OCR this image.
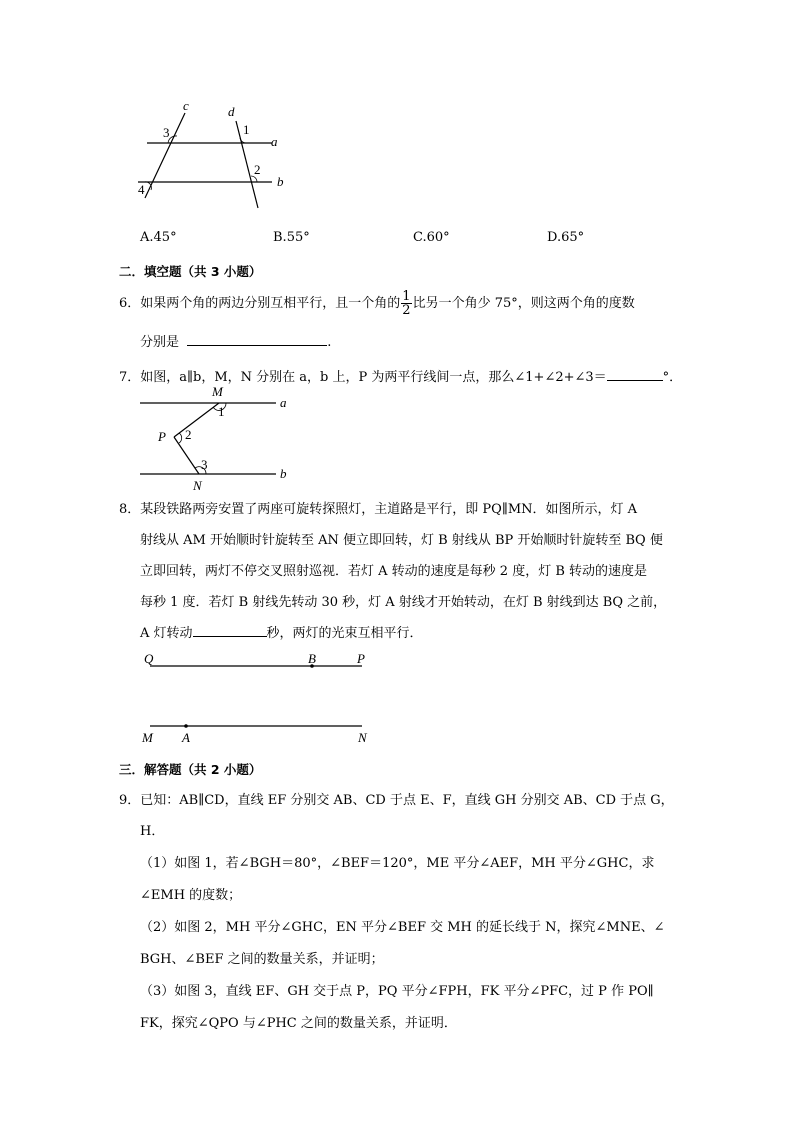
c	d
3	1
a
2
b
4
A.45°	B.55°	C.60°	D.65°
二．填空题（共 3 小题）
6．如果两个角的两边分别互相平行，且一个角的 $\frac{1}{2}$ 比另一个角少 75°，则这两个角的度数
分别是	.
7．如图，a∥b，M，N 分别在 a，b 上，P 为两平行线间一点，那么∠1+∠2+∠3＝	°．
M
1
a
P 2
3
b
N
8．某段铁路两旁安置了两座可旋转探照灯，主道路是平行，即 PQ∥MN．如图所示，灯 A
射线从 AM 开始顺时针旋转至 AN 便立即回转，灯 B 射线从 BP 开始顺时针旋转至 BQ 便
立即回转，两灯不停交叉照射巡视．若灯 A 转动的速度是每秒 2 度，灯 B 转动的速度是
每秒 1 度．若灯 B 射线先转动 30 秒，灯 A 射线才开始转动，在灯 B 射线到达 BQ 之前，
A 灯转动	秒，两灯的光束互相平行．
Q	B	P
M A	N
三．解答题（共 2 小题）
9．已知：AB∥CD，直线 EF 分别交 AB、CD 于点 E、F，直线 GH 分别交 AB、CD 于点 G，
H．
（1）如图 1，若∠BGH＝80°，∠BEF＝120°，ME 平分∠AEF，MH 平分∠GHC，求
∠EMH 的度数；
（2）如图 2，MH 平分∠GHC，EN 平分∠BEF 交 MH 的延长线于 N，探究∠MNE、∠
BGH、∠BEF 之间的数量关系，并证明；
（3）如图 3，直线 EF、GH 交于点 P，PQ 平分∠FPH，FK 平分∠PFC，过 P 作 PO∥
FK，探究∠QPO 与∠PHC 之间的数量关系，并证明．
